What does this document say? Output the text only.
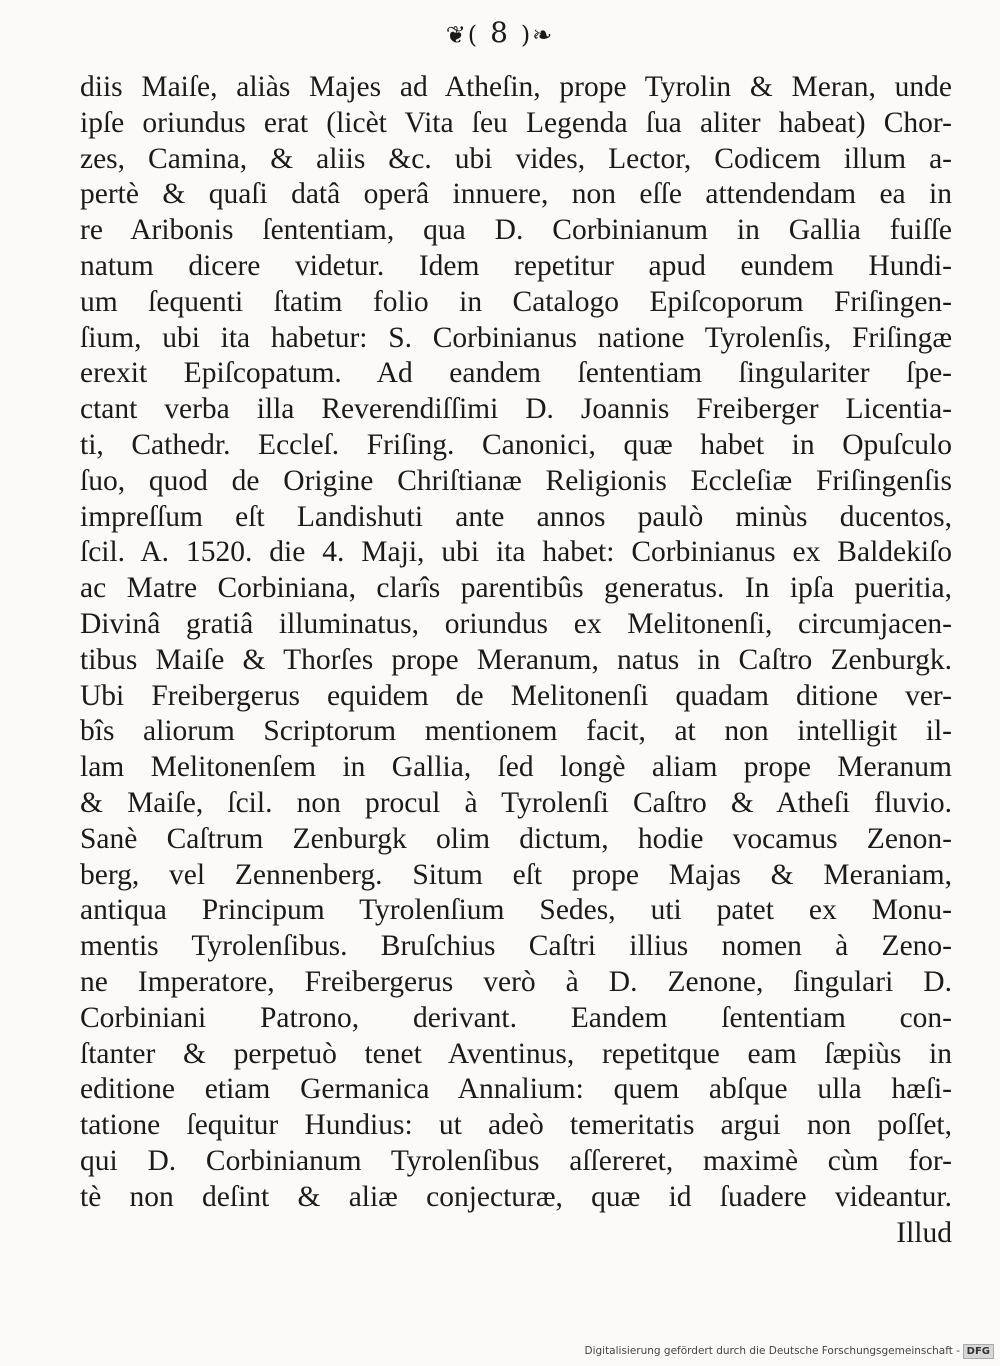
❦( 8 )❧
diis Maiſe, aliàs Majes ad Atheſin, prope Tyrolin & Meran, unde
ipſe oriundus erat (licèt Vita ſeu Legenda ſua aliter habeat) Chor-
zes, Camina, & aliis &c. ubi vides, Lector, Codicem illum a-
pertè & quaſi datâ operâ innuere, non eſſe attendendam ea in
re Aribonis ſententiam, qua D. Corbinianum in Gallia fuiſſe
natum dicere videtur. Idem repetitur apud eundem Hundi-
um ſequenti ſtatim folio in Catalogo Epiſcoporum Friſingen-
ſium, ubi ita habetur: S. Corbinianus natione Tyrolenſis, Friſingæ
erexit Epiſcopatum. Ad eandem ſententiam ſingulariter ſpe-
ctant verba illa Reverendiſſimi D. Joannis Freiberger Licentia-
ti, Cathedr. Eccleſ. Friſing. Canonici, quæ habet in Opuſculo
ſuo, quod de Origine Chriſtianæ Religionis Eccleſiæ Friſingenſis
impreſſum eſt Landishuti ante annos paulò minùs ducentos,
ſcil. A. 1520. die 4. Maji, ubi ita habet: Corbinianus ex Baldekiſo
ac Matre Corbiniana, clarîs parentibûs generatus. In ipſa pueritia,
Divinâ gratiâ illuminatus, oriundus ex Melitonenſi, circumjacen-
tibus Maiſe & Thorſes prope Meranum, natus in Caſtro Zenburgk.
Ubi Freibergerus equidem de Melitonenſi quadam ditione ver-
bîs aliorum Scriptorum mentionem facit, at non intelligit il-
lam Melitonenſem in Gallia, ſed longè aliam prope Meranum
& Maiſe, ſcil. non procul à Tyrolenſi Caſtro & Atheſi fluvio.
Sanè Caſtrum Zenburgk olim dictum, hodie vocamus Zenon-
berg, vel Zennenberg. Situm eſt prope Majas & Meraniam,
antiqua Principum Tyrolenſium Sedes, uti patet ex Monu-
mentis Tyrolenſibus. Bruſchius Caſtri illius nomen à Zeno-
ne Imperatore, Freibergerus verò à D. Zenone, ſingulari D.
Corbiniani Patrono, derivant. Eandem ſententiam con-
ſtanter & perpetuò tenet Aventinus, repetitque eam ſæpiùs in
editione etiam Germanica Annalium: quem abſque ulla hæſi-
tatione ſequitur Hundius: ut adeò temeritatis argui non poſſet,
qui D. Corbinianum Tyrolenſibus aſſereret, maximè cùm for-
tè non deſint & aliæ conjecturæ, quæ id ſuadere videantur.
Illud
Digitalisierung gefördert durch die Deutsche Forschungsgemeinschaft - DFG
